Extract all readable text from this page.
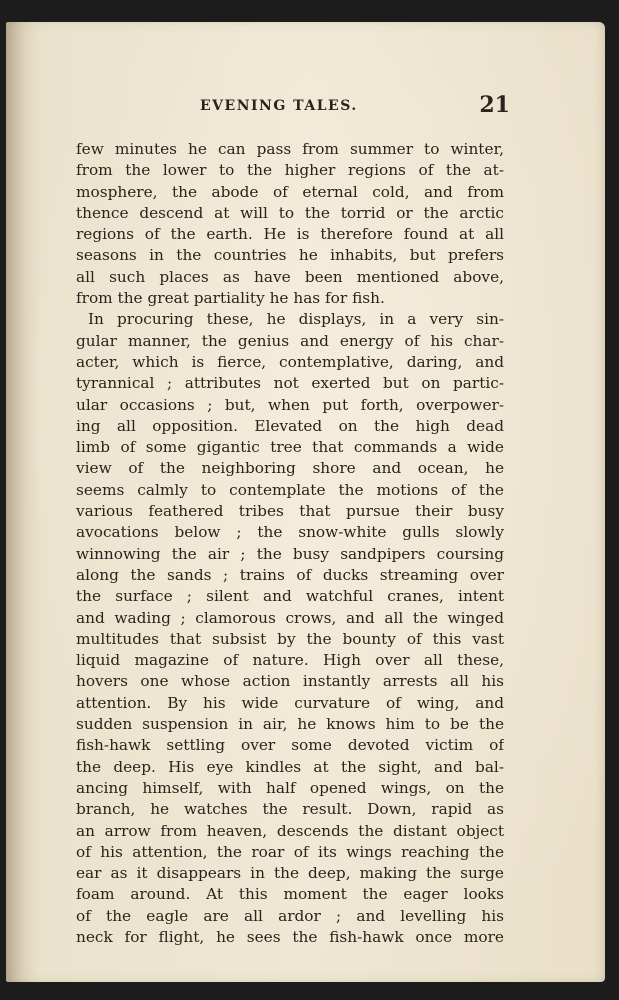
EVENING TALES.	21
few minutes he can pass from summer to winter,
from the lower to the higher regions of the at-
mosphere, the abode of eternal cold, and from
thence descend at will to the torrid or the arctic
regions of the earth. He is therefore found at all
seasons in the countries he inhabits, but prefers
all such places as have been mentioned above,
from the great partiality he has for fish.
In procuring these, he displays, in a very sin-
gular manner, the genius and energy of his char-
acter, which is fierce, contemplative, daring, and
tyrannical ; attributes not exerted but on partic-
ular occasions ; but, when put forth, overpower-
ing all opposition. Elevated on the high dead
limb of some gigantic tree that commands a wide
view of the neighboring shore and ocean, he
seems calmly to contemplate the motions of the
various feathered tribes that pursue their busy
avocations below ; the snow-white gulls slowly
winnowing the air ; the busy sandpipers coursing
along the sands ; trains of ducks streaming over
the surface ; silent and watchful cranes, intent
and wading ; clamorous crows, and all the winged
multitudes that subsist by the bounty of this vast
liquid magazine of nature. High over all these,
hovers one whose action instantly arrests all his
attention. By his wide curvature of wing, and
sudden suspension in air, he knows him to be the
fish-hawk settling over some devoted victim of
the deep. His eye kindles at the sight, and bal-
ancing himself, with half opened wings, on the
branch, he watches the result. Down, rapid as
an arrow from heaven, descends the distant object
of his attention, the roar of its wings reaching the
ear as it disappears in the deep, making the surge
foam around. At this moment the eager looks
of the eagle are all ardor ; and levelling his
neck for flight, he sees the fish-hawk once more
